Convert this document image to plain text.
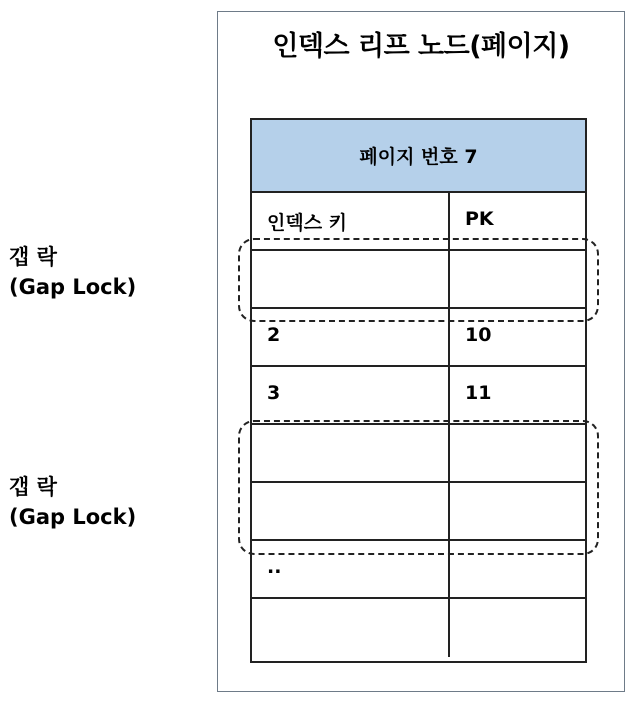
인덱스 리프 노드(페이지)
페이지 번호 7
인덱스 키	PK
2	10
3	11
..
갭 락
(Gap Lock)
갭 락
(Gap Lock)
